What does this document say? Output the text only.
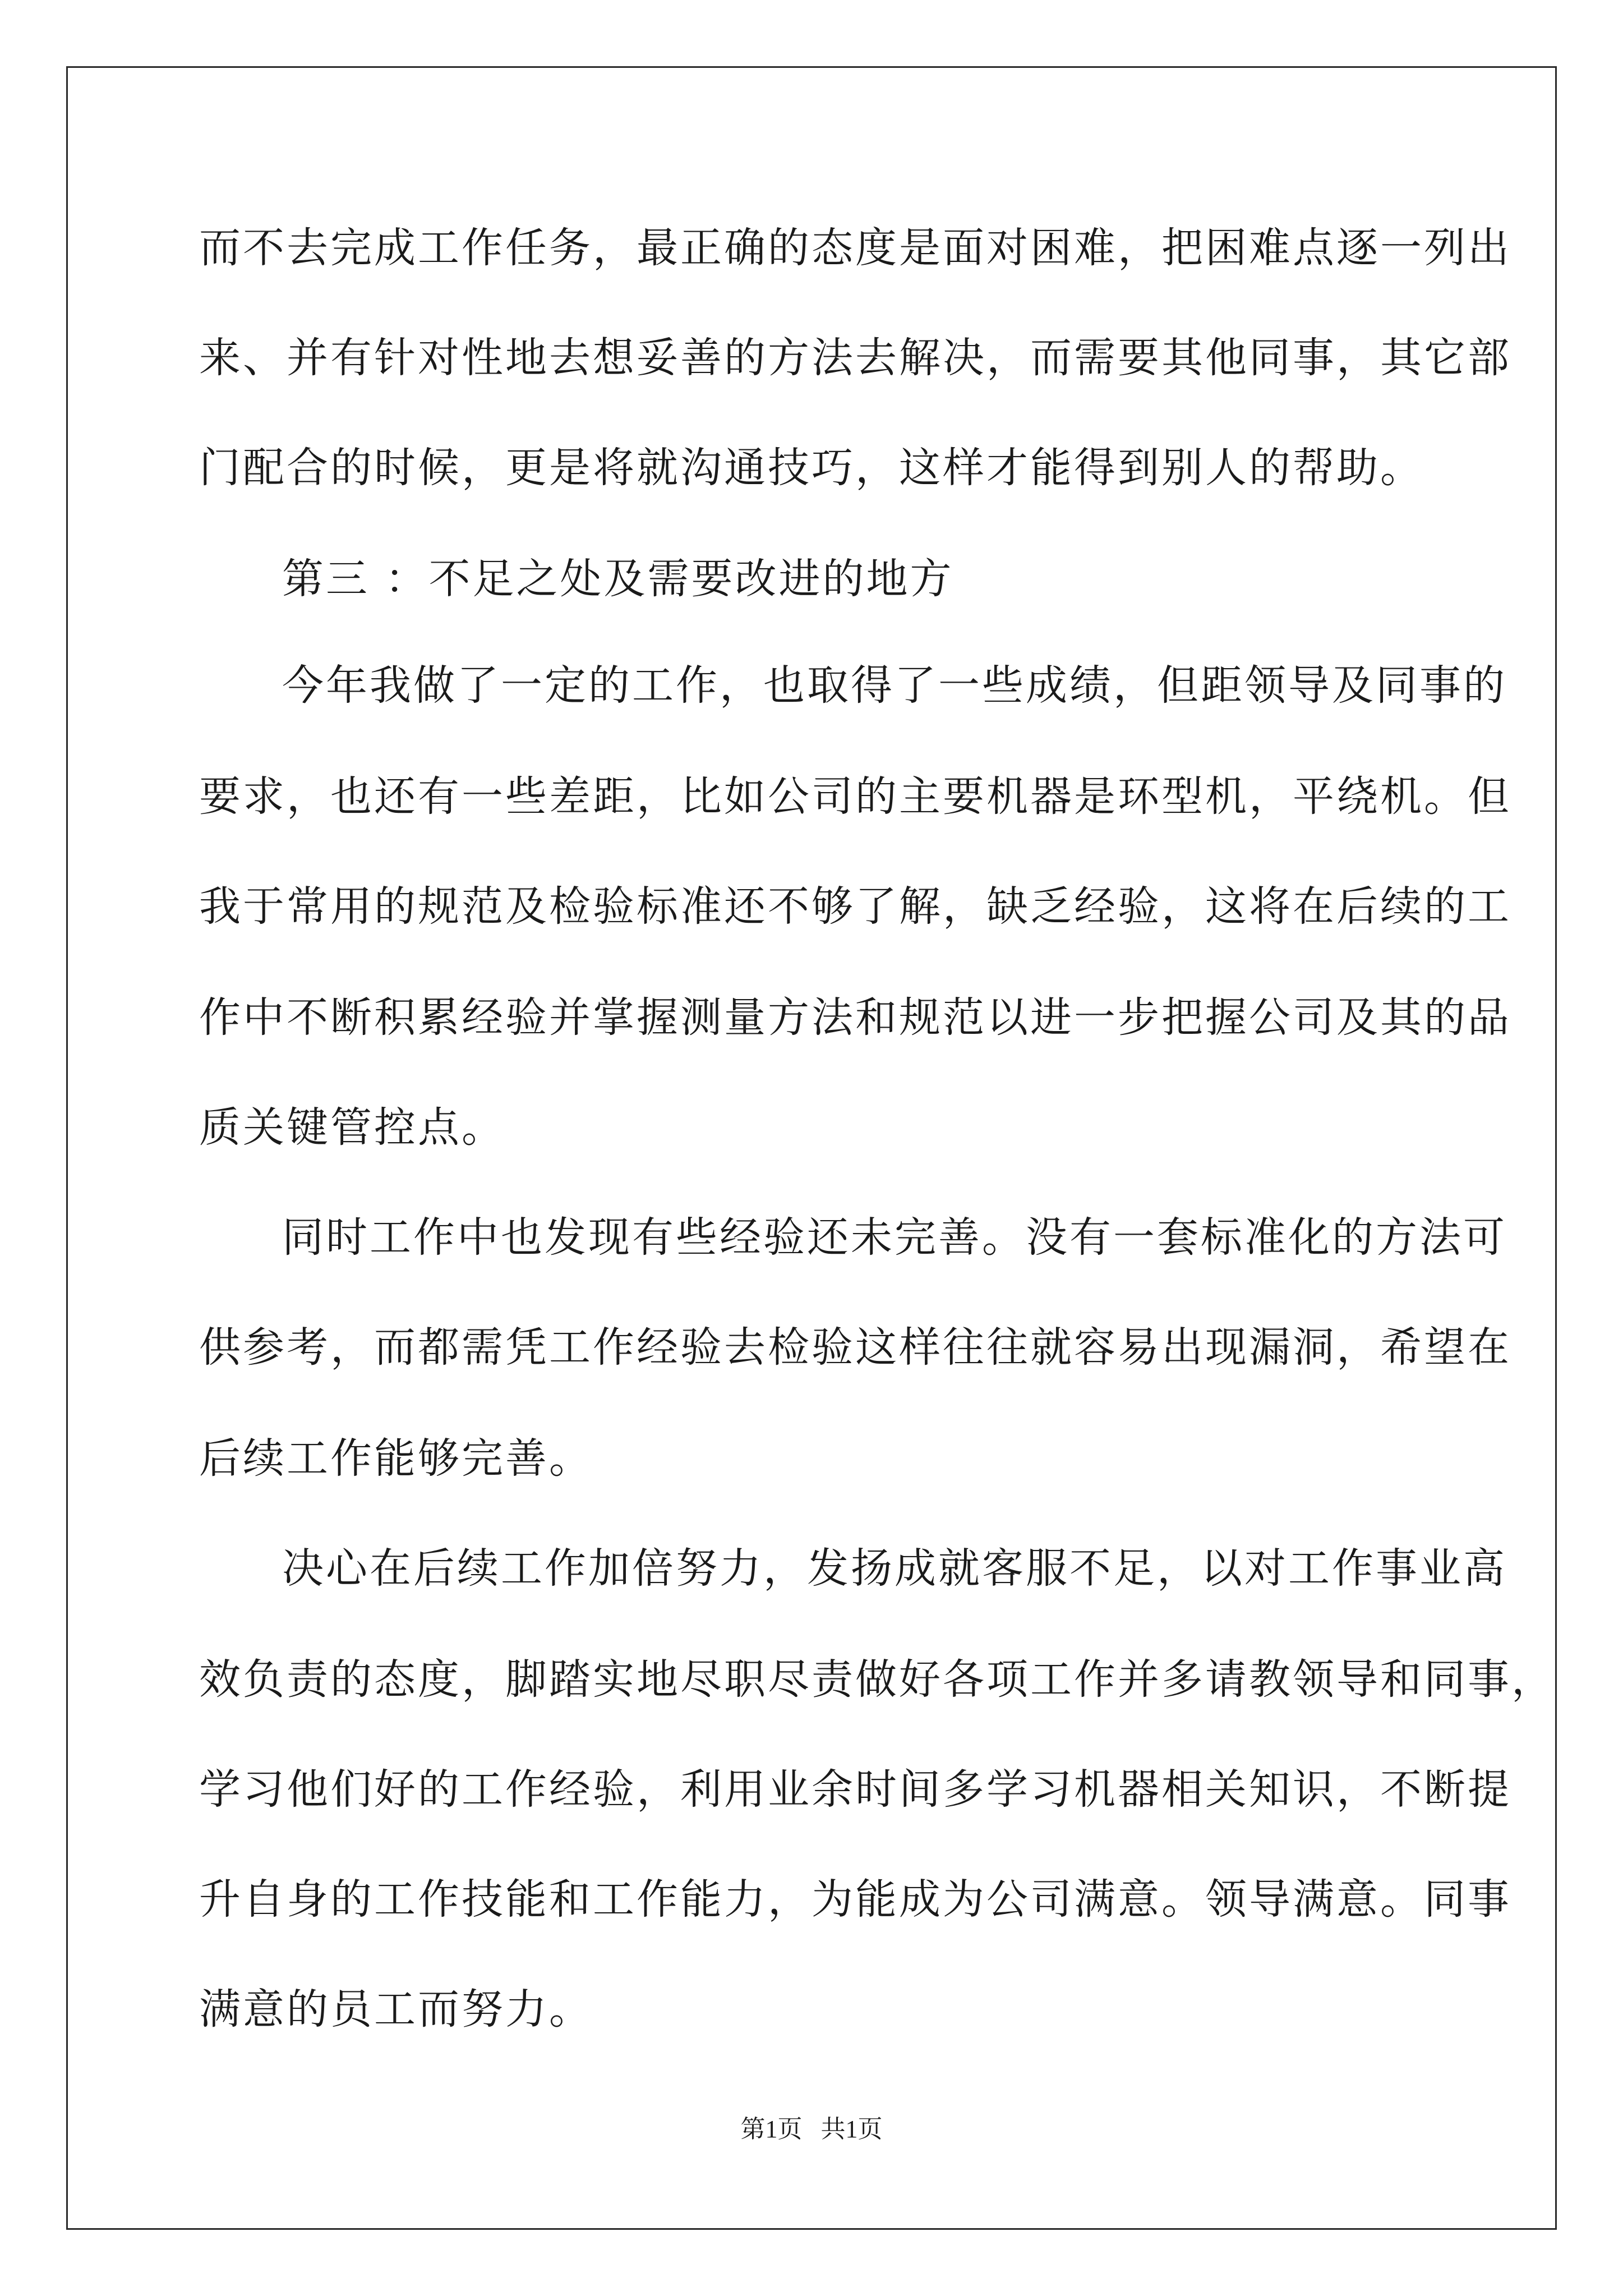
而不去完成工作任务，最正确的态度是面对困难，把困难点逐一列出
来、并有针对性地去想妥善的方法去解决，而需要其他同事，其它部
门配合的时候，更是将就沟通技巧，这样才能得到别人的帮助。
第三 ：不足之处及需要改进的地方
今年我做了一定的工作，也取得了一些成绩，但距领导及同事的
要求，也还有一些差距，比如公司的主要机器是环型机，平绕机。但
我于常用的规范及检验标准还不够了解，缺乏经验，这将在后续的工
作中不断积累经验并掌握测量方法和规范以进一步把握公司及其的品
质关键管控点。
同时工作中也发现有些经验还未完善。没有一套标准化的方法可
供参考，而都需凭工作经验去检验这样往往就容易出现漏洞，希望在
后续工作能够完善。
决心在后续工作加倍努力，发扬成就客服不足，以对工作事业高
效负责的态度，脚踏实地尽职尽责做好各项工作并多请教领导和同事，
学习他们好的工作经验，利用业余时间多学习机器相关知识，不断提
升自身的工作技能和工作能力，为能成为公司满意。领导满意。同事
满意的员工而努力。
第1页   共1页
